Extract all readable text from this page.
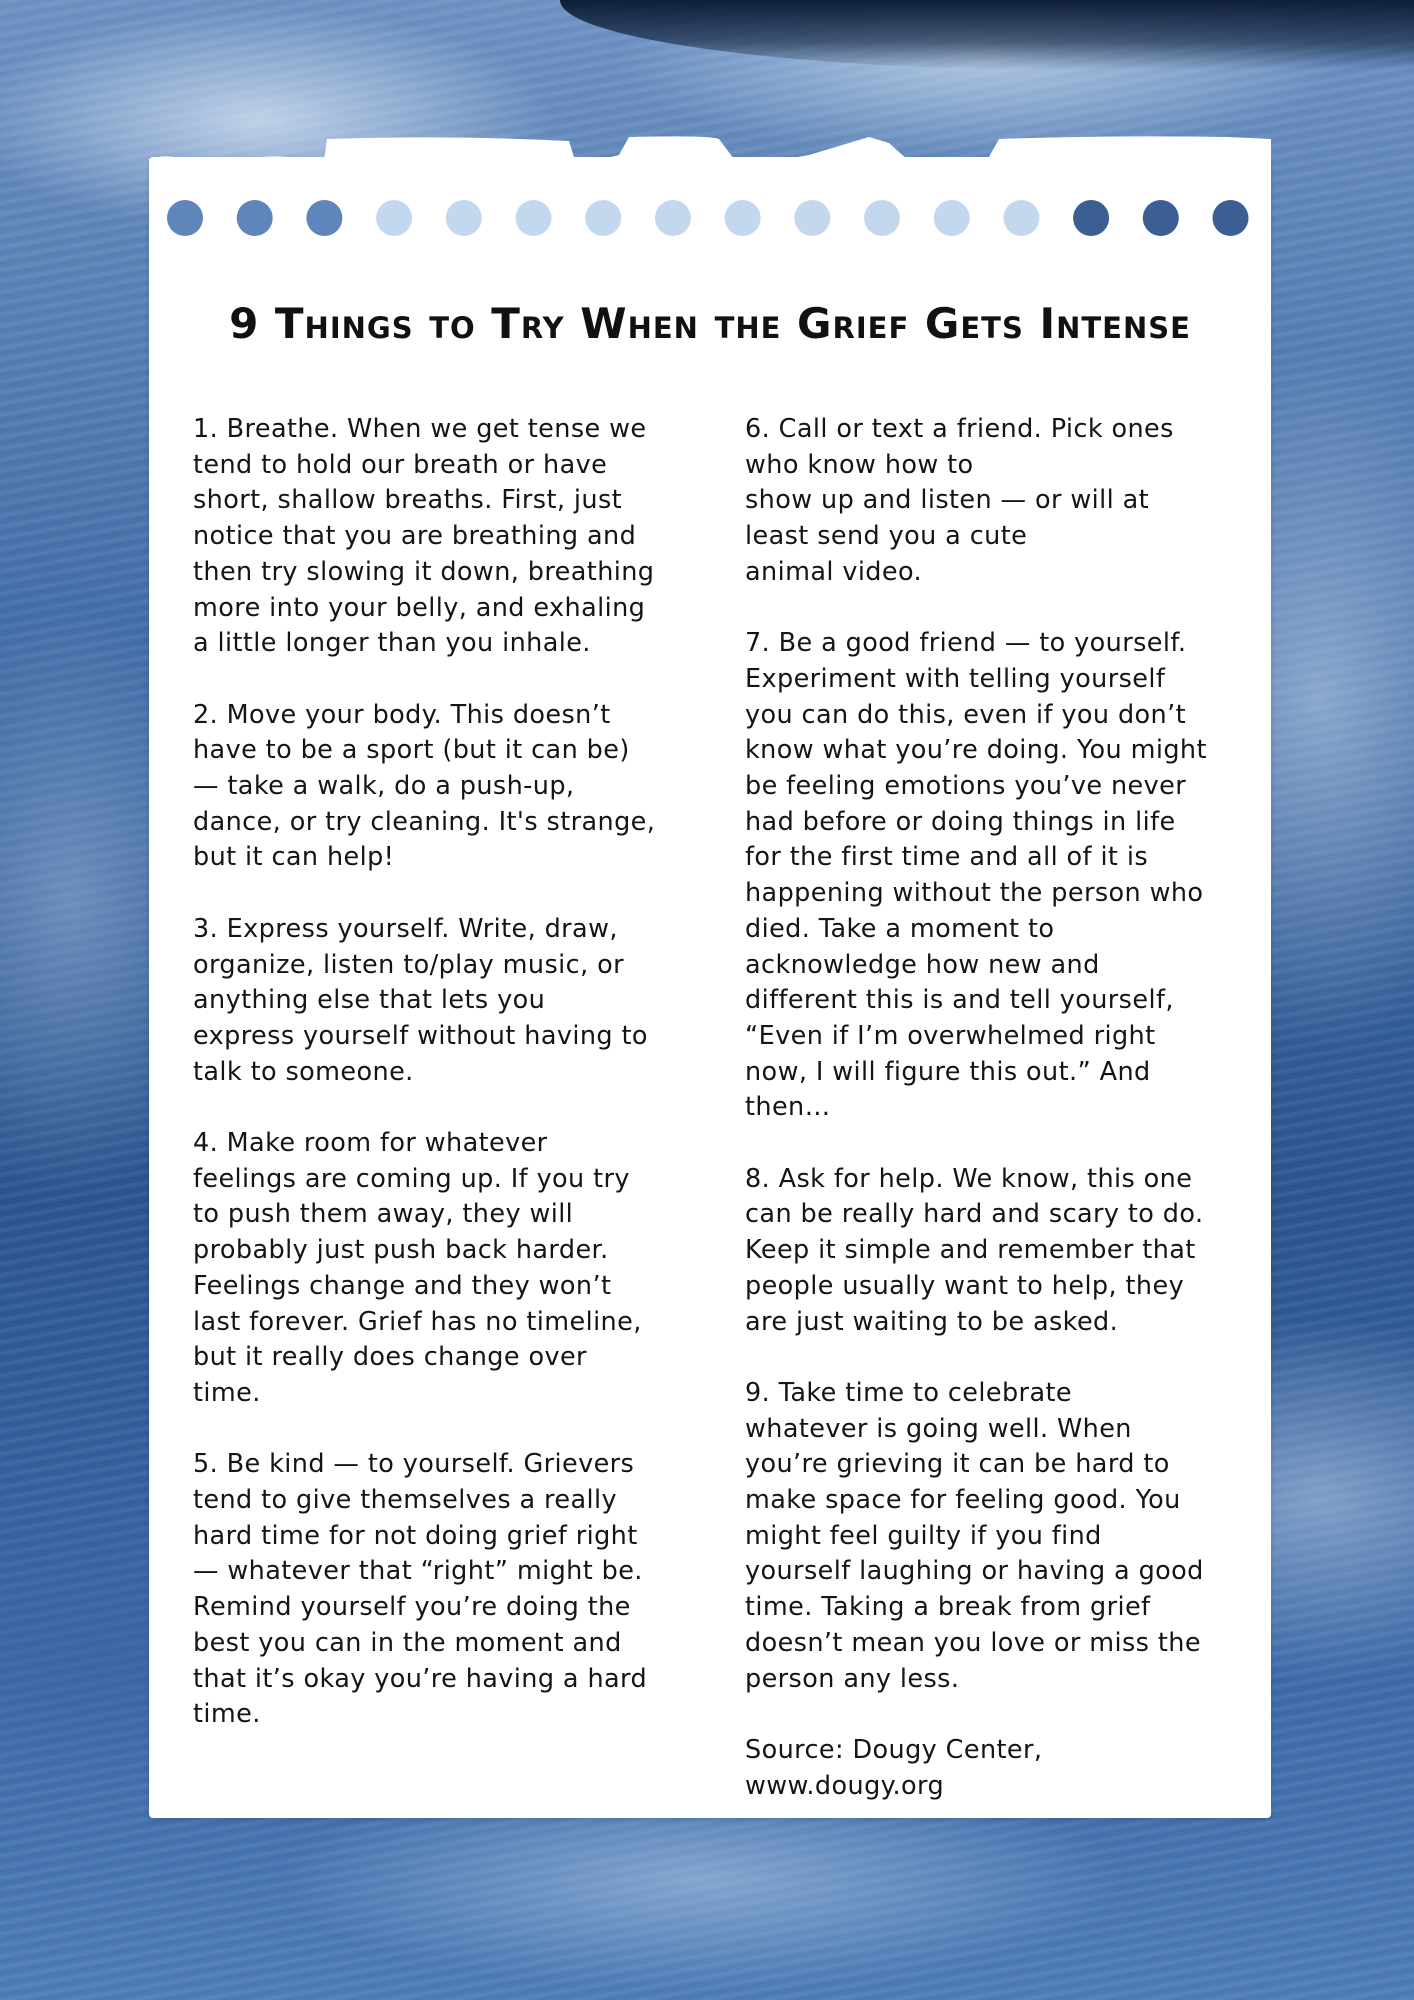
9 Things to Try When the Grief Gets Intense

1. Breathe. When we get tense we
tend to hold our breath or have
short, shallow breaths. First, just
notice that you are breathing and
then try slowing it down, breathing
more into your belly, and exhaling
a little longer than you inhale.

2. Move your body. This doesn’t
have to be a sport (but it can be)
— take a walk, do a push-up,
dance, or try cleaning. It's strange,
but it can help!

3. Express yourself. Write, draw,
organize, listen to/play music, or
anything else that lets you
express yourself without having to
talk to someone.

4. Make room for whatever
feelings are coming up. If you try
to push them away, they will
probably just push back harder.
Feelings change and they won’t
last forever. Grief has no timeline,
but it really does change over
time.

5. Be kind — to yourself. Grievers
tend to give themselves a really
hard time for not doing grief right
— whatever that “right” might be.
Remind yourself you’re doing the
best you can in the moment and
that it’s okay you’re having a hard
time.

6. Call or text a friend. Pick ones
who know how to
show up and listen — or will at
least send you a cute
animal video.

7. Be a good friend — to yourself.
Experiment with telling yourself
you can do this, even if you don’t
know what you’re doing. You might
be feeling emotions you’ve never
had before or doing things in life
for the first time and all of it is
happening without the person who
died. Take a moment to
acknowledge how new and
different this is and tell yourself,
“Even if I’m overwhelmed right
now, I will figure this out.” And
then…

8. Ask for help. We know, this one
can be really hard and scary to do.
Keep it simple and remember that
people usually want to help, they
are just waiting to be asked.

9. Take time to celebrate
whatever is going well. When
you’re grieving it can be hard to
make space for feeling good. You
might feel guilty if you find
yourself laughing or having a good
time. Taking a break from grief
doesn’t mean you love or miss the
person any less.

Source: Dougy Center,
www.dougy.org
